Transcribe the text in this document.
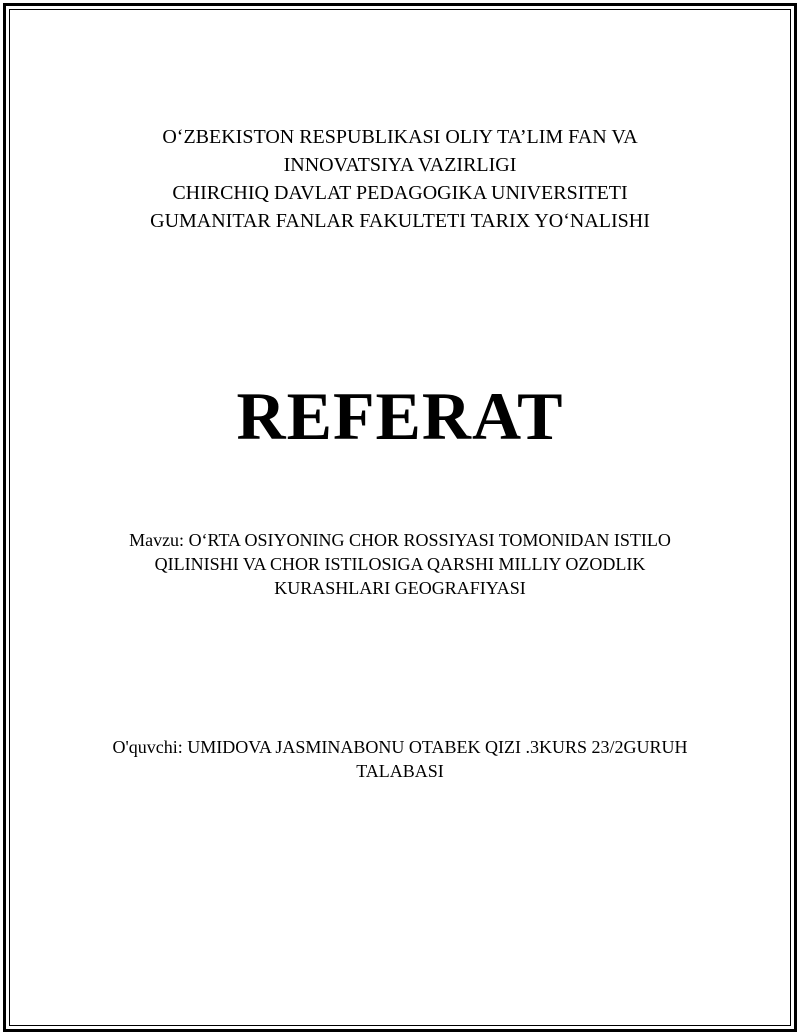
O‘ZBEKISTON RESPUBLIKASI OLIY TA’LIM FAN VA
INNOVATSIYA VAZIRLIGI
CHIRCHIQ DAVLAT PEDAGOGIKA UNIVERSITETI
GUMANITAR FANLAR FAKULTETI TARIX YO‘NALISHI
REFERAT
Mavzu: O‘RTA OSIYONING CHOR ROSSIYASI TOMONIDAN ISTILO QILINISHI VA CHOR ISTILOSIGA QARSHI MILLIY OZODLIK KURASHLARI GEOGRAFIYASI
O'quvchi: UMIDOVA JASMINABONU OTABEK QIZI .3KURS 23/2GURUH TALABASI
